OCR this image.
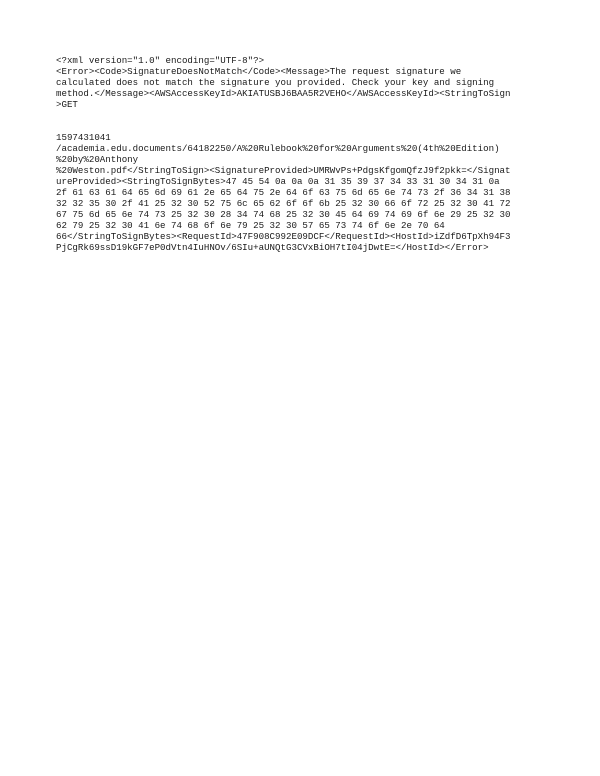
<?xml version="1.0" encoding="UTF-8"?>
<Error><Code>SignatureDoesNotMatch</Code><Message>The request signature we
calculated does not match the signature you provided. Check your key and signing
method.</Message><AWSAccessKeyId>AKIATUSBJ6BAA5R2VEHO</AWSAccessKeyId><StringToSign
>GET
1597431041
/academia.edu.documents/64182250/A%20Rulebook%20for%20Arguments%20(4th%20Edition)
%20by%20Anthony
%20Weston.pdf</StringToSign><SignatureProvided>UMRWvPs+PdgsKfgomQfzJ9f2pkk=</Signat
ureProvided><StringToSignBytes>47 45 54 0a 0a 0a 31 35 39 37 34 33 31 30 34 31 0a
2f 61 63 61 64 65 6d 69 61 2e 65 64 75 2e 64 6f 63 75 6d 65 6e 74 73 2f 36 34 31 38
32 32 35 30 2f 41 25 32 30 52 75 6c 65 62 6f 6f 6b 25 32 30 66 6f 72 25 32 30 41 72
67 75 6d 65 6e 74 73 25 32 30 28 34 74 68 25 32 30 45 64 69 74 69 6f 6e 29 25 32 30
62 79 25 32 30 41 6e 74 68 6f 6e 79 25 32 30 57 65 73 74 6f 6e 2e 70 64
66</StringToSignBytes><RequestId>47F908C992E09DCF</RequestId><HostId>iZdfD6TpXh94F3
PjCgRk69ssD19kGF7eP0dVtn4IuHNOv/6SIu+aUNQtG3CVxBiOH7tI04jDwtE=</HostId></Error>
